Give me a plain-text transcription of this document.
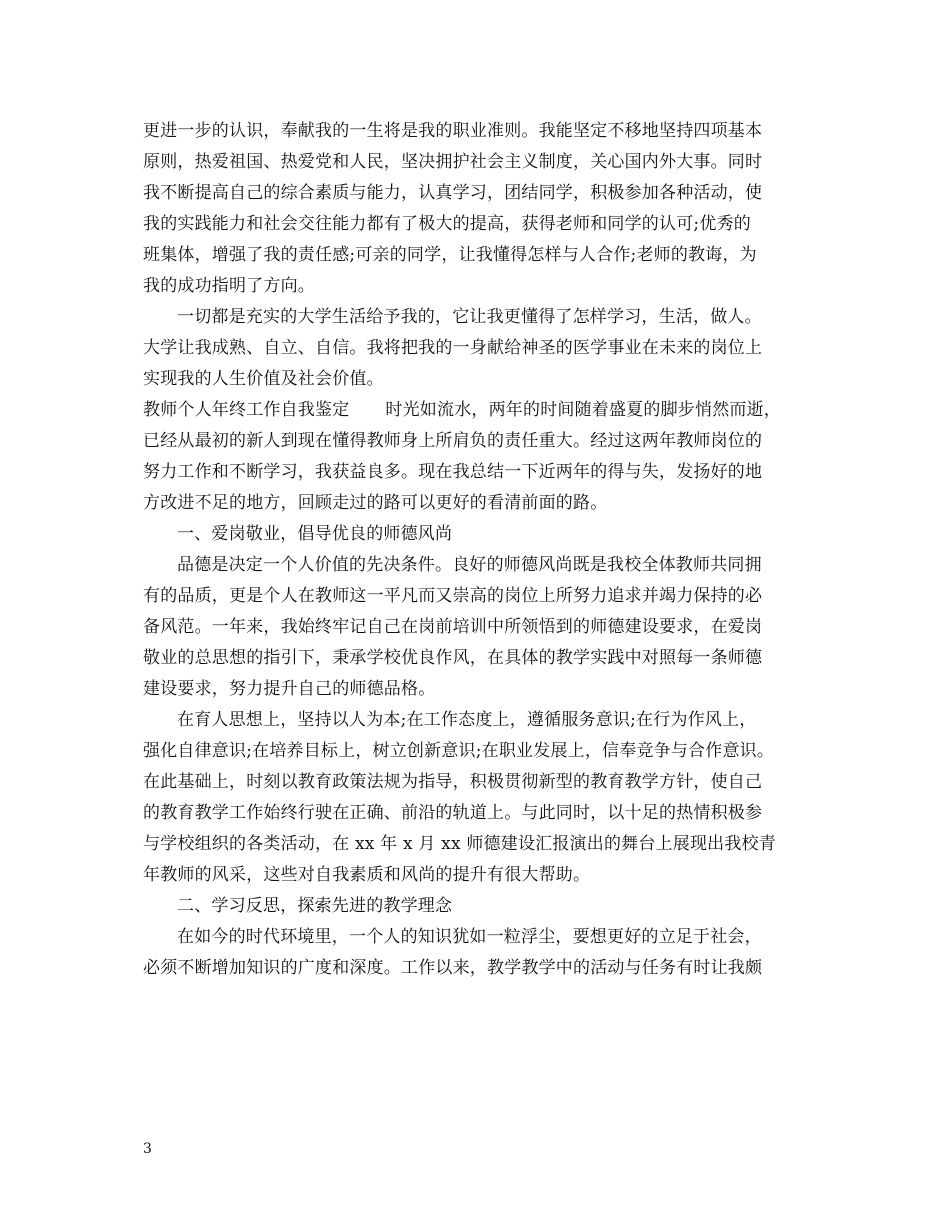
更进一步的认识，奉献我的一生将是我的职业准则。我能坚定不移地坚持四项基本
原则，热爱祖国、热爱党和人民，坚决拥护社会主义制度，关心国内外大事。同时
我不断提高自己的综合素质与能力，认真学习，团结同学，积极参加各种活动，使
我的实践能力和社会交往能力都有了极大的提高，获得老师和同学的认可;优秀的
班集体，增强了我的责任感;可亲的同学，让我懂得怎样与人合作;老师的教诲，为
我的成功指明了方向。
一切都是充实的大学生活给予我的，它让我更懂得了怎样学习，生活，做人。
大学让我成熟、自立、自信。我将把我的一身献给神圣的医学事业在未来的岗位上
实现我的人生价值及社会价值。
教师个人年终工作自我鉴定 时光如流水，两年的时间随着盛夏的脚步悄然而逝，
已经从最初的新人到现在懂得教师身上所肩负的责任重大。经过这两年教师岗位的
努力工作和不断学习，我获益良多。现在我总结一下近两年的得与失，发扬好的地
方改进不足的地方，回顾走过的路可以更好的看清前面的路。
一、爱岗敬业，倡导优良的师德风尚
品德是决定一个人价值的先决条件。良好的师德风尚既是我校全体教师共同拥
有的品质，更是个人在教师这一平凡而又崇高的岗位上所努力追求并竭力保持的必
备风范。一年来，我始终牢记自己在岗前培训中所领悟到的师德建设要求，在爱岗
敬业的总思想的指引下，秉承学校优良作风，在具体的教学实践中对照每一条师德
建设要求，努力提升自己的师德品格。
在育人思想上，坚持以人为本;在工作态度上，遵循服务意识;在行为作风上，
强化自律意识;在培养目标上，树立创新意识;在职业发展上，信奉竞争与合作意识。
在此基础上，时刻以教育政策法规为指导，积极贯彻新型的教育教学方针，使自己
的教育教学工作始终行驶在正确、前沿的轨道上。与此同时，以十足的热情积极参
与学校组织的各类活动，在 xx 年 x 月 xx 师德建设汇报演出的舞台上展现出我校青
年教师的风采，这些对自我素质和风尚的提升有很大帮助。
二、学习反思，探索先进的教学理念
在如今的时代环境里，一个人的知识犹如一粒浮尘，要想更好的立足于社会，
必须不断增加知识的广度和深度。工作以来，教学教学中的活动与任务有时让我颇
3
